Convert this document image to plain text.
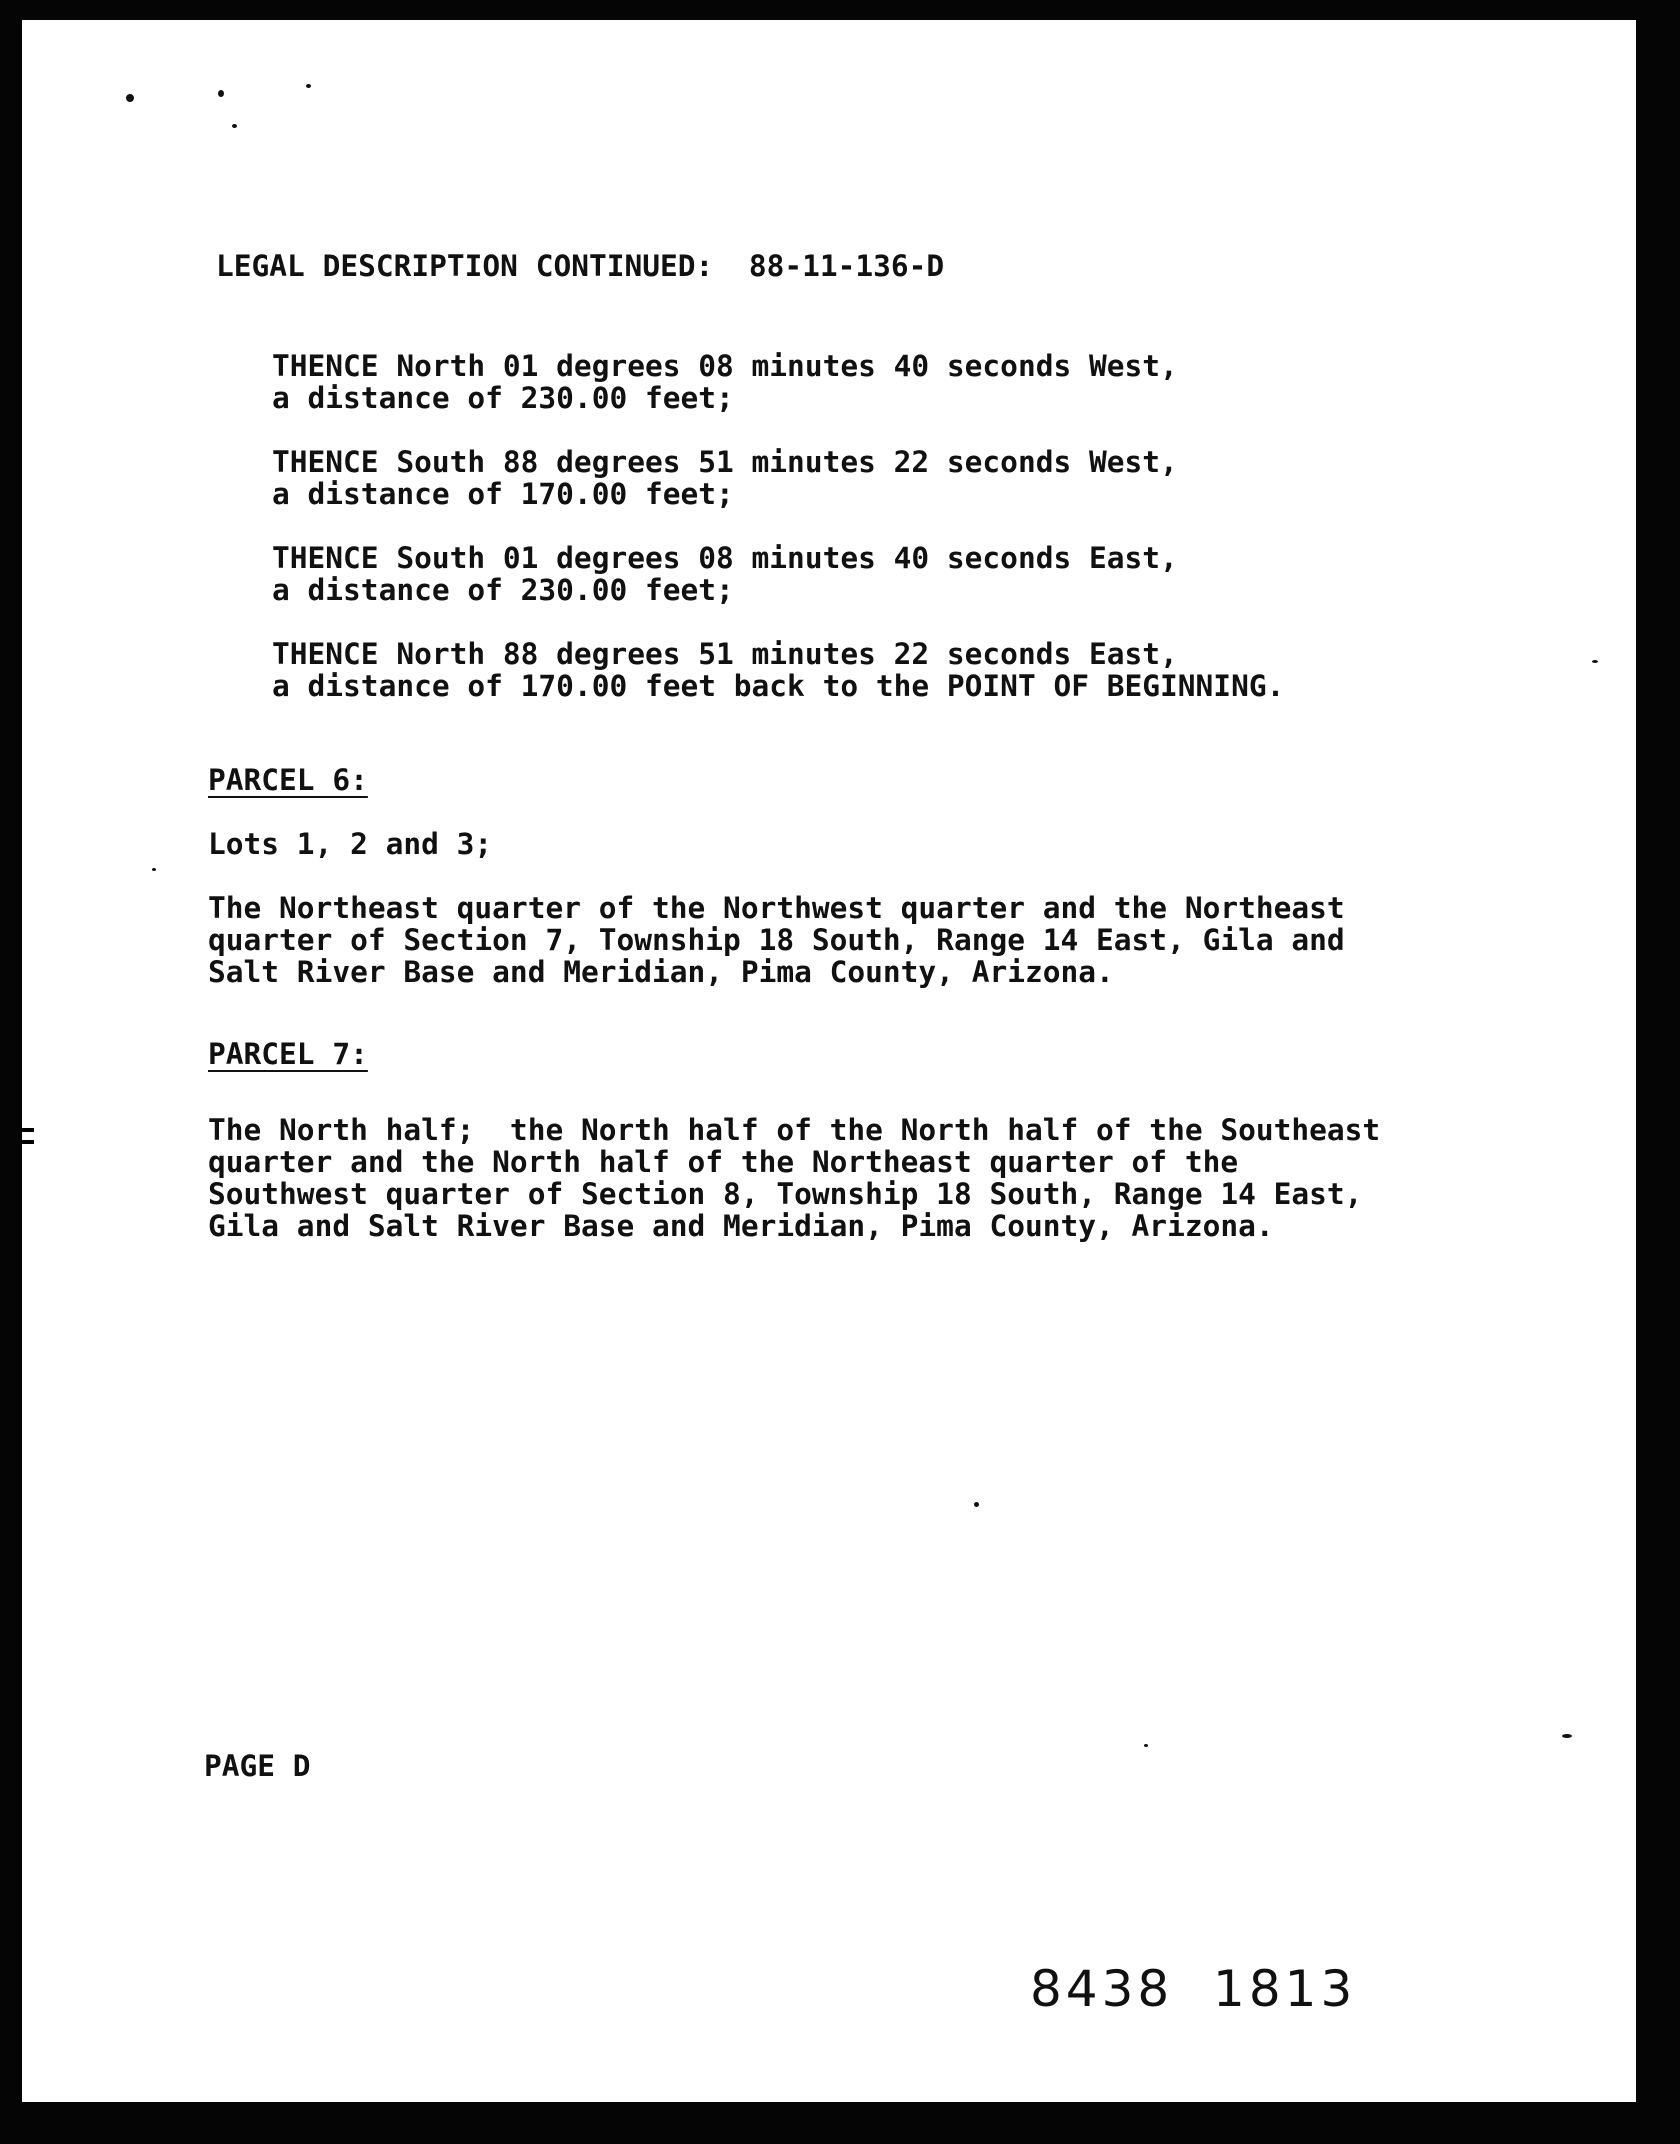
LEGAL DESCRIPTION CONTINUED:  88-11-136-D

THENCE North 01 degrees 08 minutes 40 seconds West,

a distance of 230.00 feet;

THENCE South 88 degrees 51 minutes 22 seconds West,

a distance of 170.00 feet;

THENCE South 01 degrees 08 minutes 40 seconds East,

a distance of 230.00 feet;

THENCE North 88 degrees 51 minutes 22 seconds East,

a distance of 170.00 feet back to the POINT OF BEGINNING.

PARCEL 6:

Lots 1, 2 and 3;

The Northeast quarter of the Northwest quarter and the Northeast

quarter of Section 7, Township 18 South, Range 14 East, Gila and

Salt River Base and Meridian, Pima County, Arizona.

PARCEL 7:

The North half;  the North half of the North half of the Southeast

quarter and the North half of the Northeast quarter of the

Southwest quarter of Section 8, Township 18 South, Range 14 East,

Gila and Salt River Base and Meridian, Pima County, Arizona.

PAGE D

8438  1813
